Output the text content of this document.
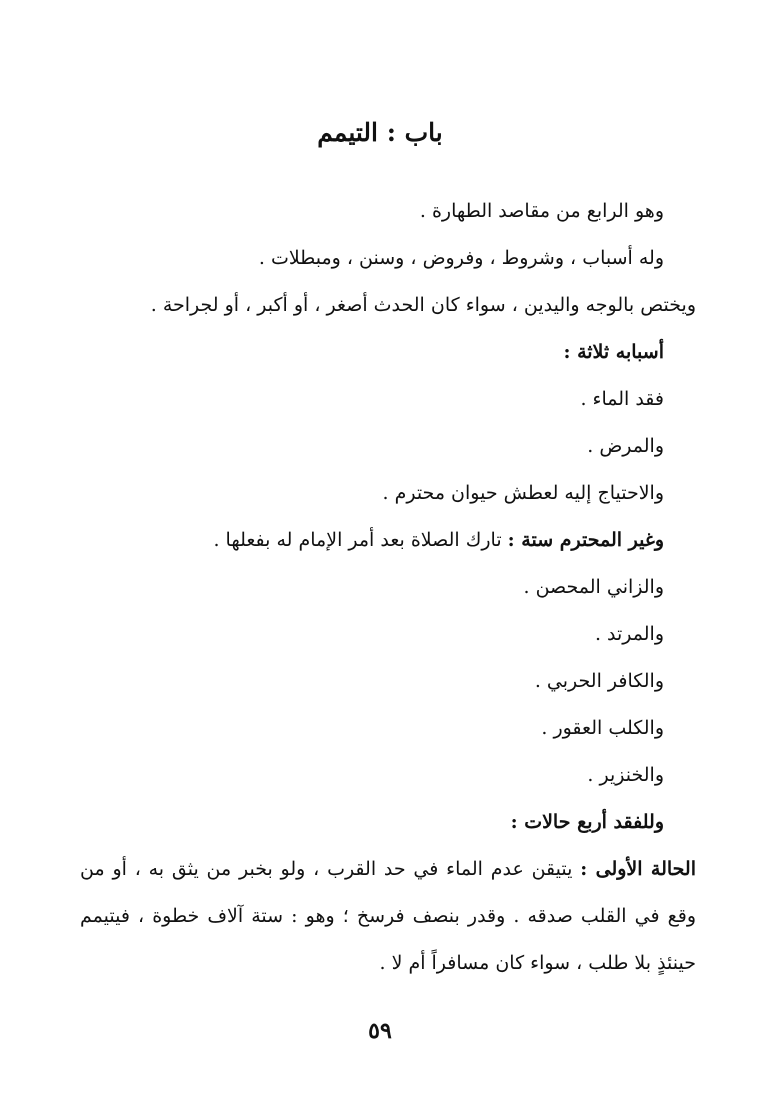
باب : التيمم

وهو الرابع من مقاصد الطهارة .

وله أسباب ، وشروط ، وفروض ، وسنن ، ومبطلات .

ويختص بالوجه واليدين ، سواء كان الحدث أصغر ، أو أكبر ، أو لجراحة .

أسبابه ثلاثة :

فقد الماء .

والمرض .

والاحتياج إليه لعطش حيوان محترم .

وغير المحترم ستة : تارك الصلاة بعد أمر الإمام له بفعلها .

والزاني المحصن .

والمرتد .

والكافر الحربي .

والكلب العقور .

والخنزير .

وللفقد أربع حالات :

الحالة الأولى : يتيقن عدم الماء في حد القرب ، ولو بخبر من يثق به ، أو من وقع في القلب صدقه . وقدر بنصف فرسخ ؛ وهو : ستة آلاف خطوة ، فيتيمم حينئذٍ بلا طلب ، سواء كان مسافراً أم لا .

٥٩
